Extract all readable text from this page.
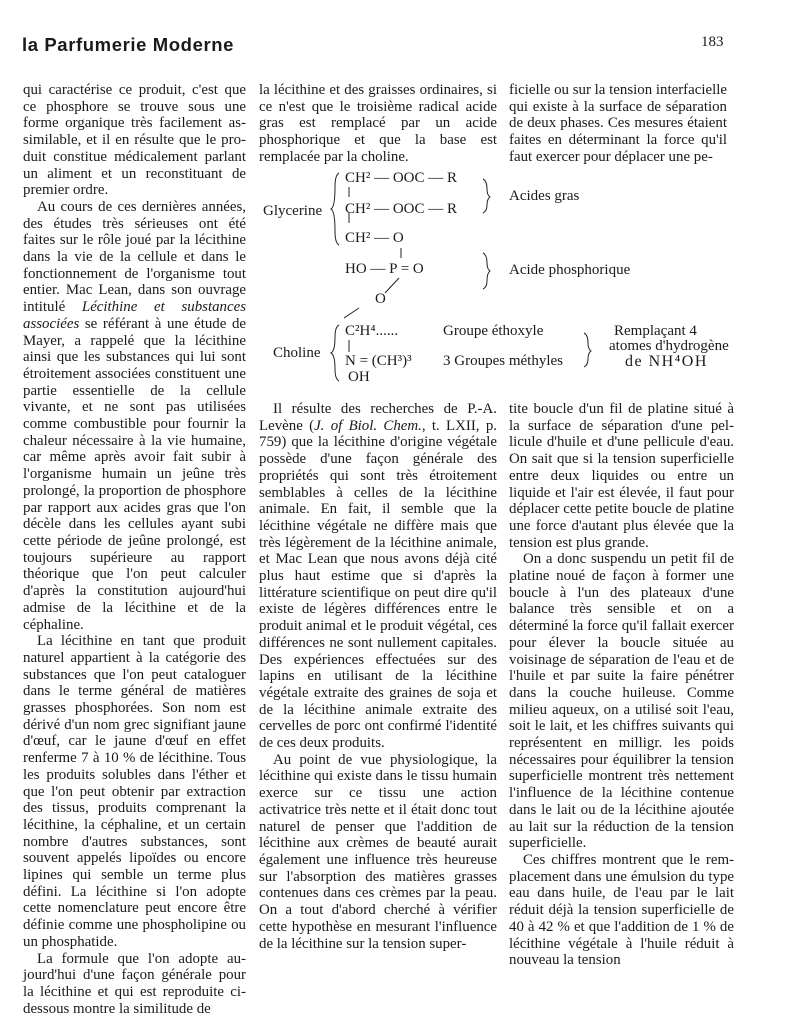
la Parfumerie Moderne	183

qui caractérise ce produit, c'est que ce phosphore se trouve sous une forme organique très facilement assimilable, et il en résulte que le produit constitue médicalement parlant un aliment et un reconstituant de premier ordre.

Au cours de ces dernières années, des études très sérieuses ont été faites sur le rôle joué par la lécithine dans la vie de la cellule et dans le fonctionnement de l'organisme tout entier. Mac Lean, dans son ouvrage intitulé Lécithine et substances associées se référant à une étude de Mayer, a rappelé que la lécithine ainsi que les substances qui lui sont étroitement associées constituent une partie essentielle de la cellule vivante, et ne sont pas utilisées comme combustible pour fournir la chaleur nécessaire à la vie humaine, car même après avoir fait subir à l'organisme humain un jeûne très prolongé, la proportion de phosphore par rapport aux acides gras que l'on décèle dans les cellules ayant subi cette période de jeûne prolongé, est toujours supérieure au rapport théorique que l'on peut calculer d'après la constitution aujourd'hui admise de la lécithine et de la céphaline.

La lécithine en tant que produit naturel appartient à la catégorie des substances que l'on peut cataloguer dans le terme général de matières grasses phosphorées. Son nom est dérivé d'un nom grec signifiant jaune d'œuf, car le jaune d'œuf en effet renferme 7 à 10 % de lécithine. Tous les produits solubles dans l'éther et que l'on peut obtenir par extraction des tissus, produits comprenant la lécithine, la céphaline, et un certain nombre d'autres substances, sont souvent appelés lipoïdes ou encore lipines qui semble un terme plus défini. La lécithine si l'on adopte cette nomenclature peut encore être définie comme une phospholipine ou un phosphatide.

La formule que l'on adopte aujourd'hui d'une façon générale pour la lécithine et qui est reproduite ci-dessous montre la similitude de

la lécithine et des graisses ordinaires, si ce n'est que le troisième radical acide gras est remplacé par un acide phosphorique et que la base est remplacée par la choline.

ficielle ou sur la tension interfacielle qui existe à la surface de séparation de deux phases. Ces mesures étaient faites en déterminant la force qu'il faut exercer pour déplacer une pe-

Glycerine
CH² — OOC — R
CH² — OOC — R
CH² — O
HO — P = O
O
Acides gras
Acide phosphorique
Choline
C²H⁴......	Groupe éthoxyle
N = (CH³)³ 3 Groupes méthyles
OH
Remplaçant 4
atomes d'hydrogène
de NH⁴OH

Il résulte des recherches de P.-A. Levène (J. of Biol. Chem., t. LXII, p. 759) que la lécithine d'origine végétale possède d'une façon générale des propriétés qui sont très étroitement semblables à celles de la lécithine animale. En fait, il semble que la lécithine végétale ne diffère mais que très légèrement de la lécithine animale, et Mac Lean que nous avons déjà cité plus haut estime que si d'après la littérature scientifique on peut dire qu'il existe de légères différences entre le produit animal et le produit végétal, ces différences ne sont nullement capitales. Des expériences effectuées sur des lapins en utilisant de la lécithine végétale extraite des graines de soja et de la lécithine animale extraite des cervelles de porc ont confirmé l'identité de ces deux produits.

Au point de vue physiologique, la lécithine qui existe dans le tissu humain exerce sur ce tissu une action activatrice très nette et il était donc tout naturel de penser que l'addition de lécithine aux crèmes de beauté aurait également une influence très heureuse sur l'absorption des matières grasses contenues dans ces crèmes par la peau. On a tout d'abord cherché à vérifier cette hypothèse en mesurant l'influence de la lécithine sur la tension super-

tite boucle d'un fil de platine situé à la surface de séparation d'une pellicule d'huile et d'une pellicule d'eau. On sait que si la tension superficielle entre deux liquides ou entre un liquide et l'air est élevée, il faut pour déplacer cette petite boucle de platine une force d'autant plus élevée que la tension est plus grande.

On a donc suspendu un petit fil de platine noué de façon à former une boucle à l'un des plateaux d'une balance très sensible et on a déterminé la force qu'il fallait exercer pour élever la boucle située au voisinage de séparation de l'eau et de l'huile et par suite la faire pénétrer dans la couche huileuse. Comme milieu aqueux, on a utilisé soit l'eau, soit le lait, et les chiffres suivants qui représentent en milligr. les poids nécessaires pour équilibrer la tension superficielle montrent très nettement l'influence de la lécithine contenue dans le lait ou de la lécithine ajoutée au lait sur la réduction de la tension superficielle.

Ces chiffres montrent que le remplacement dans une émulsion du type eau dans huile, de l'eau par le lait réduit déjà la tension superficielle de 40 à 42 % et que l'addition de 1 % de lécithine végétale à l'huile réduit à nouveau la tension
